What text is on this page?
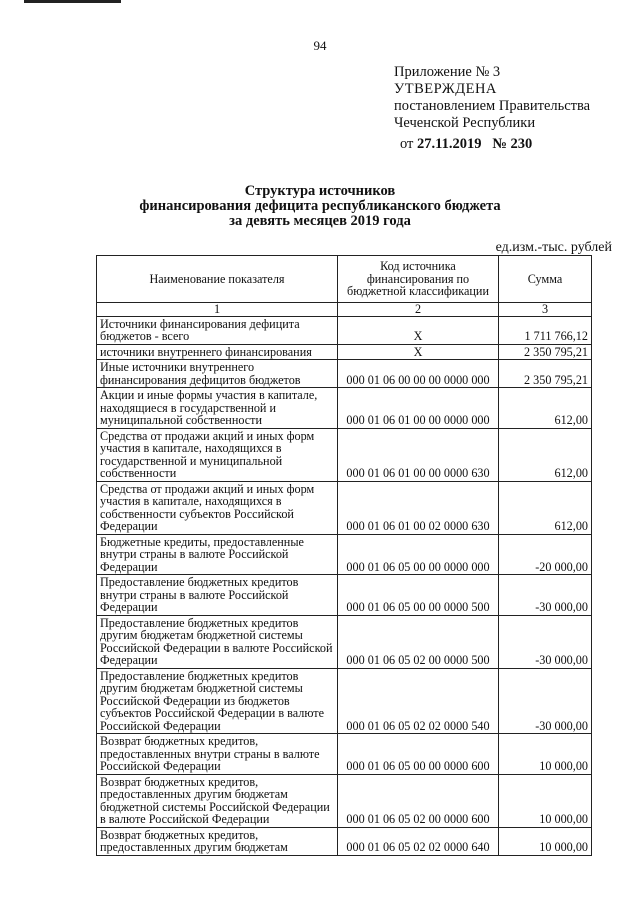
94
Приложение № 3
УТВЕРЖДЕНА
постановлением Правительства
Чеченской Республики
от 27.11.2019 № 230
Структура источников
финансирования дефицита республиканского бюджета
за девять месяцев 2019 года
ед.изм.-тыс. рублей
Наименование показателя	Код источника финансирования по бюджетной классификации	Сумма
1	2	3
Источники финансирования дефицита бюджетов - всего	X	1 711 766,12
источники внутреннего финансирования	X	2 350 795,21
Иные источники внутреннего финансирования дефицитов бюджетов	000 01 06 00 00 00 0000 000	2 350 795,21
Акции и иные формы участия в капитале, находящиеся в государственной и муниципальной собственности	000 01 06 01 00 00 0000 000	612,00
Средства от продажи акций и иных форм участия в капитале, находящихся в государственной и муниципальной собственности	000 01 06 01 00 00 0000 630	612,00
Средства от продажи акций и иных форм участия в капитале, находящихся в собственности субъектов Российской Федерации	000 01 06 01 00 02 0000 630	612,00
Бюджетные кредиты, предоставленные внутри страны в валюте Российской Федерации	000 01 06 05 00 00 0000 000	-20 000,00
Предоставление бюджетных кредитов внутри страны в валюте Российской Федерации	000 01 06 05 00 00 0000 500	-30 000,00
Предоставление бюджетных кредитов другим бюджетам бюджетной системы Российской Федерации в валюте Российской Федерации	000 01 06 05 02 00 0000 500	-30 000,00
Предоставление бюджетных кредитов другим бюджетам бюджетной системы Российской Федерации из бюджетов субъектов Российской Федерации в валюте Российской Федерации	000 01 06 05 02 02 0000 540	-30 000,00
Возврат бюджетных кредитов, предоставленных внутри страны в валюте Российской Федерации	000 01 06 05 00 00 0000 600	10 000,00
Возврат бюджетных кредитов, предоставленных другим бюджетам бюджетной системы Российской Федерации в валюте Российской Федерации	000 01 06 05 02 00 0000 600	10 000,00
Возврат бюджетных кредитов, предоставленных другим бюджетам	000 01 06 05 02 02 0000 640	10 000,00
